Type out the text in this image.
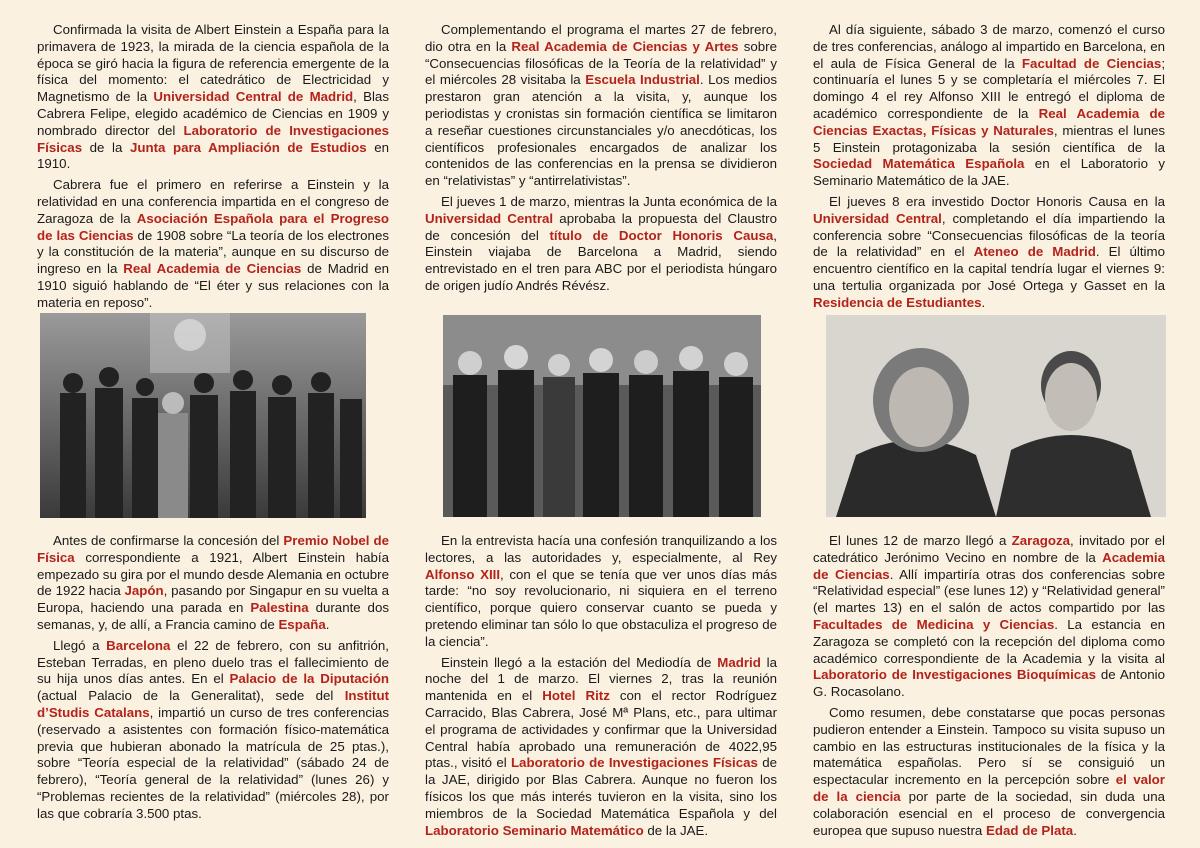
Confirmada la visita de Albert Einstein a España para la primavera de 1923, la mirada de la ciencia española de la época se giró hacia la figura de referencia emergente de la física del momento: el catedrático de Electricidad y Magnetismo de la Universidad Central de Madrid, Blas Cabrera Felipe, elegido académico de Ciencias en 1909 y nombrado director del Laboratorio de Investigaciones Físicas de la Junta para Ampliación de Estudios en 1910.

Cabrera fue el primero en referirse a Einstein y la relatividad en una conferencia impartida en el congreso de Zaragoza de la Asociación Española para el Progreso de las Ciencias de 1908 sobre “La teoría de los electrones y la constitución de la materia”, aunque en su discurso de ingreso en la Real Academia de Ciencias de Madrid en 1910 siguió hablando de “El éter y sus relaciones con la materia en reposo”.

Complementando el programa el martes 27 de febrero, dio otra en la Real Academia de Ciencias y Artes sobre “Consecuencias filosóficas de la Teoría de la relatividad” y el miércoles 28 visitaba la Escuela Industrial. Los medios prestaron gran atención a la visita, y, aunque los periodistas y cronistas sin formación científica se limitaron a reseñar cuestiones circunstanciales y/o anecdóticas, los científicos profesionales encargados de analizar los contenidos de las conferencias en la prensa se dividieron en “relativistas” y “antirrelativistas”.

El jueves 1 de marzo, mientras la Junta económica de la Universidad Central aprobaba la propuesta del Claustro de concesión del título de Doctor Honoris Causa, Einstein viajaba de Barcelona a Madrid, siendo entrevistado en el tren para ABC por el periodista húngaro de origen judío Andrés Révész.

Al día siguiente, sábado 3 de marzo, comenzó el curso de tres conferencias, análogo al impartido en Barcelona, en el aula de Física General de la Facultad de Ciencias; continuaría el lunes 5 y se completaría el miércoles 7. El domingo 4 el rey Alfonso XIII le entregó el diploma de académico correspondiente de la Real Academia de Ciencias Exactas, Físicas y Naturales, mientras el lunes 5 Einstein protagonizaba la sesión científica de la Sociedad Matemática Española en el Laboratorio y Seminario Matemático de la JAE.

El jueves 8 era investido Doctor Honoris Causa en la Universidad Central, completando el día impartiendo la conferencia sobre “Consecuencias filosóficas de la teoría de la relatividad” en el Ateneo de Madrid. El último encuentro científico en la capital tendría lugar el viernes 9: una tertulia organizada por José Ortega y Gasset en la Residencia de Estudiantes.

Antes de confirmarse la concesión del Premio Nobel de Física correspondiente a 1921, Albert Einstein había empezado su gira por el mundo desde Alemania en octubre de 1922 hacia Japón, pasando por Singapur en su vuelta a Europa, haciendo una parada en Palestina durante dos semanas, y, de allí, a Francia camino de España.

Llegó a Barcelona el 22 de febrero, con su anfitrión, Esteban Terradas, en pleno duelo tras el fallecimiento de su hija unos días antes. En el Palacio de la Diputación (actual Palacio de la Generalitat), sede del Institut d’Studis Catalans, impartió un curso de tres conferencias (reservado a asistentes con formación físico-matemática previa que hubieran abonado la matrícula de 25 ptas.), sobre “Teoría especial de la relatividad” (sábado 24 de febrero), “Teoría general de la relatividad” (lunes 26) y “Problemas recientes de la relatividad” (miércoles 28), por las que cobraría 3.500 ptas.

En la entrevista hacía una confesión tranquilizando a los lectores, a las autoridades y, especialmente, al Rey Alfonso XIII, con el que se tenía que ver unos días más tarde: “no soy revolucionario, ni siquiera en el terreno científico, porque quiero conservar cuanto se pueda y pretendo eliminar tan sólo lo que obstaculiza el progreso de la ciencia”.

Einstein llegó a la estación del Mediodía de Madrid la noche del 1 de marzo. El viernes 2, tras la reunión mantenida en el Hotel Ritz con el rector Rodríguez Carracido, Blas Cabrera, José Mª Plans, etc., para ultimar el programa de actividades y confirmar que la Universidad Central había aprobado una remuneración de 4022,95 ptas., visitó el Laboratorio de Investigaciones Físicas de la JAE, dirigido por Blas Cabrera. Aunque no fueron los físicos los que más interés tuvieron en la visita, sino los miembros de la Sociedad Matemática Española y del Laboratorio Seminario Matemático de la JAE.

El lunes 12 de marzo llegó a Zaragoza, invitado por el catedrático Jerónimo Vecino en nombre de la Academia de Ciencias. Allí impartiría otras dos conferencias sobre “Relatividad especial” (ese lunes 12) y “Relatividad general” (el martes 13) en el salón de actos compartido por las Facultades de Medicina y Ciencias. La estancia en Zaragoza se completó con la recepción del diploma como académico correspondiente de la Academia y la visita al Laboratorio de Investigaciones Bioquímicas de Antonio G. Rocasolano.

Como resumen, debe constatarse que pocas personas pudieron entender a Einstein. Tampoco su visita supuso un cambio en las estructuras institucionales de la física y la matemática españolas. Pero sí se consiguió un espectacular incremento en la percepción sobre el valor de la ciencia por parte de la sociedad, sin duda una colaboración esencial en el proceso de convergencia europea que supuso nuestra Edad de Plata.
